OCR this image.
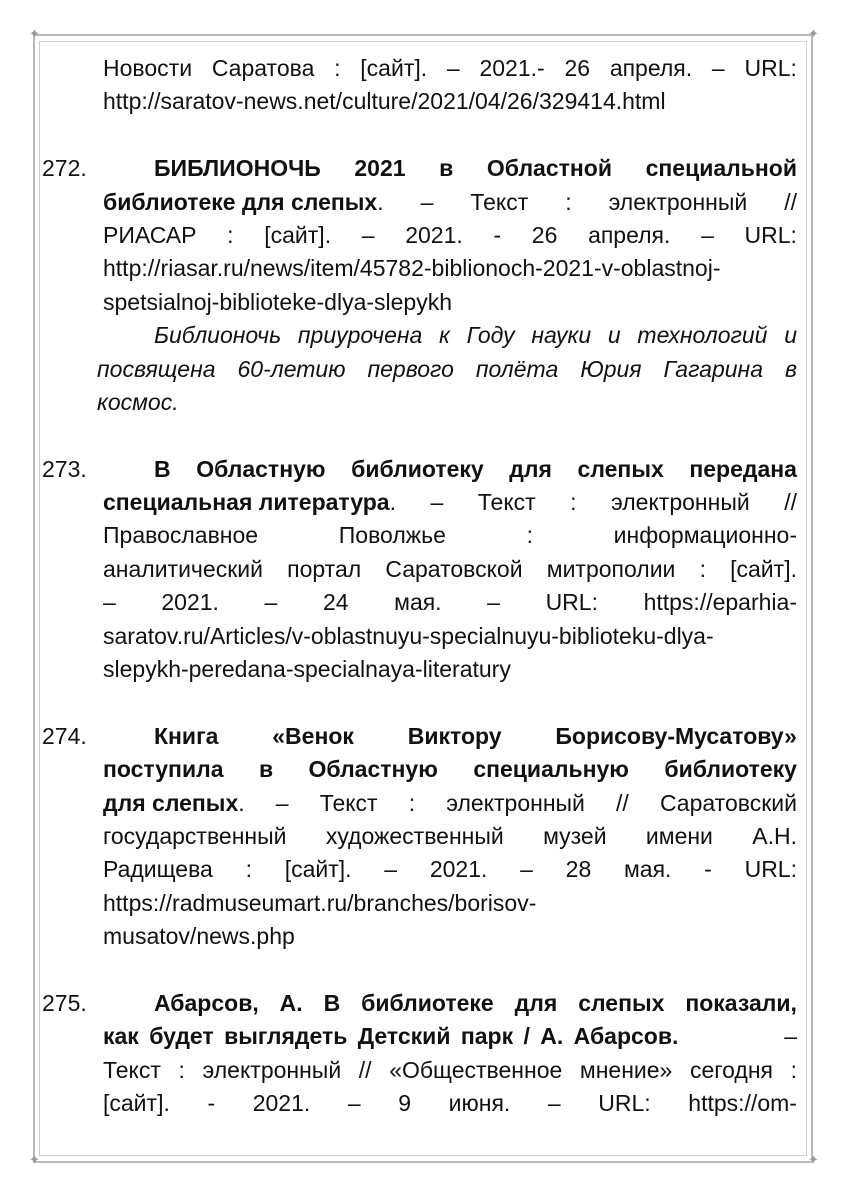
✦	✦
✦	✦
Новости Саратова : [сайт]. – 2021.- 26 апреля. – URL:
http://saratov-news.net/culture/2021/04/26/329414.html
272.	БИБЛИОНОЧЬ 2021 в Областной специальной
библиотеке для слепых. – Текст : электронный //
РИАСАР : [сайт]. – 2021. - 26 апреля. – URL:
http://riasar.ru/news/item/45782-biblionoch-2021-v-oblastnoj-
spetsialnoj-biblioteke-dlya-slepykh
Библионочь приурочена к Году науки и технологий и
посвящена 60-летию первого полёта Юрия Гагарина в
космос.
273.	В Областную библиотеку для слепых передана
специальная литература. – Текст : электронный //
Православное	Поволжье	:	информационно-
аналитический портал Саратовской митрополии : [сайт].
– 2021. – 24 мая. – URL: https://eparhia-
saratov.ru/Articles/v-oblastnuyu-specialnuyu-biblioteku-dlya-
slepykh-peredana-specialnaya-literatury
274.	Книга «Венок Виктору Борисову-Мусатову»
поступила в Областную специальную библиотеку
для слепых. – Текст : электронный // Саратовский
государственный художественный музей имени А.Н.
Радищева : [сайт]. – 2021. – 28 мая. - URL:
https://radmuseumart.ru/branches/borisov-
musatov/news.php
275.	Абарсов, А. В библиотеке для слепых показали,
как будет выглядеть Детский парк / А. Абарсов.	–
Текст : электронный // «Общественное мнение» сегодня :
[сайт]. - 2021. – 9 июня. – URL: https://om-
